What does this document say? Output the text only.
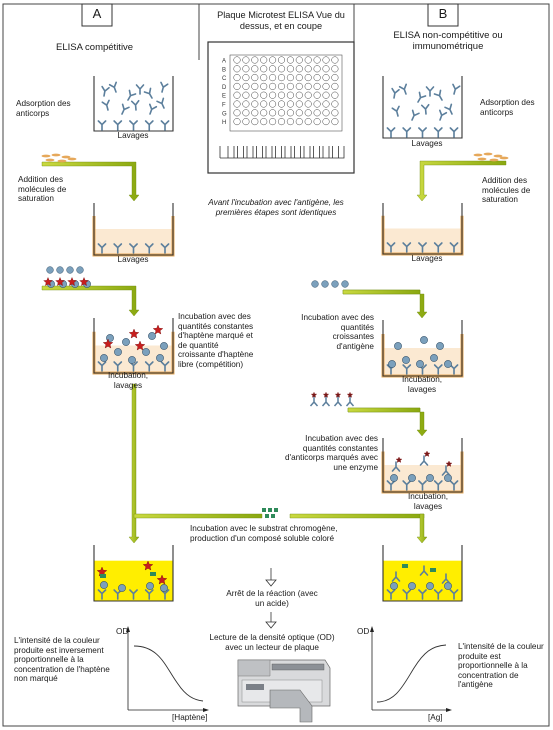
A
B
C
D
E
F
G
H
A	B
ELISA compétitive
ELISA non-compétitive ou immunométrique
Plaque Microtest ELISA Vue du dessus, et en coupe
Adsorption des anticorps
Lavages
Addition des molécules de saturation
Lavages
Incubation avec des quantités constantes d'haptène marqué et de quantité croissante d'haptène libre (compétition)
Incubation, lavages
L'intensité de la couleur produite est inversement proportionnelle à la concentration de l'haptène non marqué
OD
[Haptène]
Avant l'incubation avec l'antigène, les premières étapes sont identiques
Incubation avec le substrat chromogène, production d'un composé soluble coloré
Arrêt de la réaction (avec un acide)
Lecture de la densité optique (OD) avec un lecteur de plaque
Adsorption des anticorps
Lavages
Addition des molécules de saturation
Lavages
Incubation avec des quantités croissantes d'antigène
Incubation, lavages
Incubation avec des quantités constantes d'anticorps marqués avec une enzyme
Incubation, lavages
L'intensité de la couleur produite est proportionnelle à la concentration de l'antigène
OD
[Ag]
